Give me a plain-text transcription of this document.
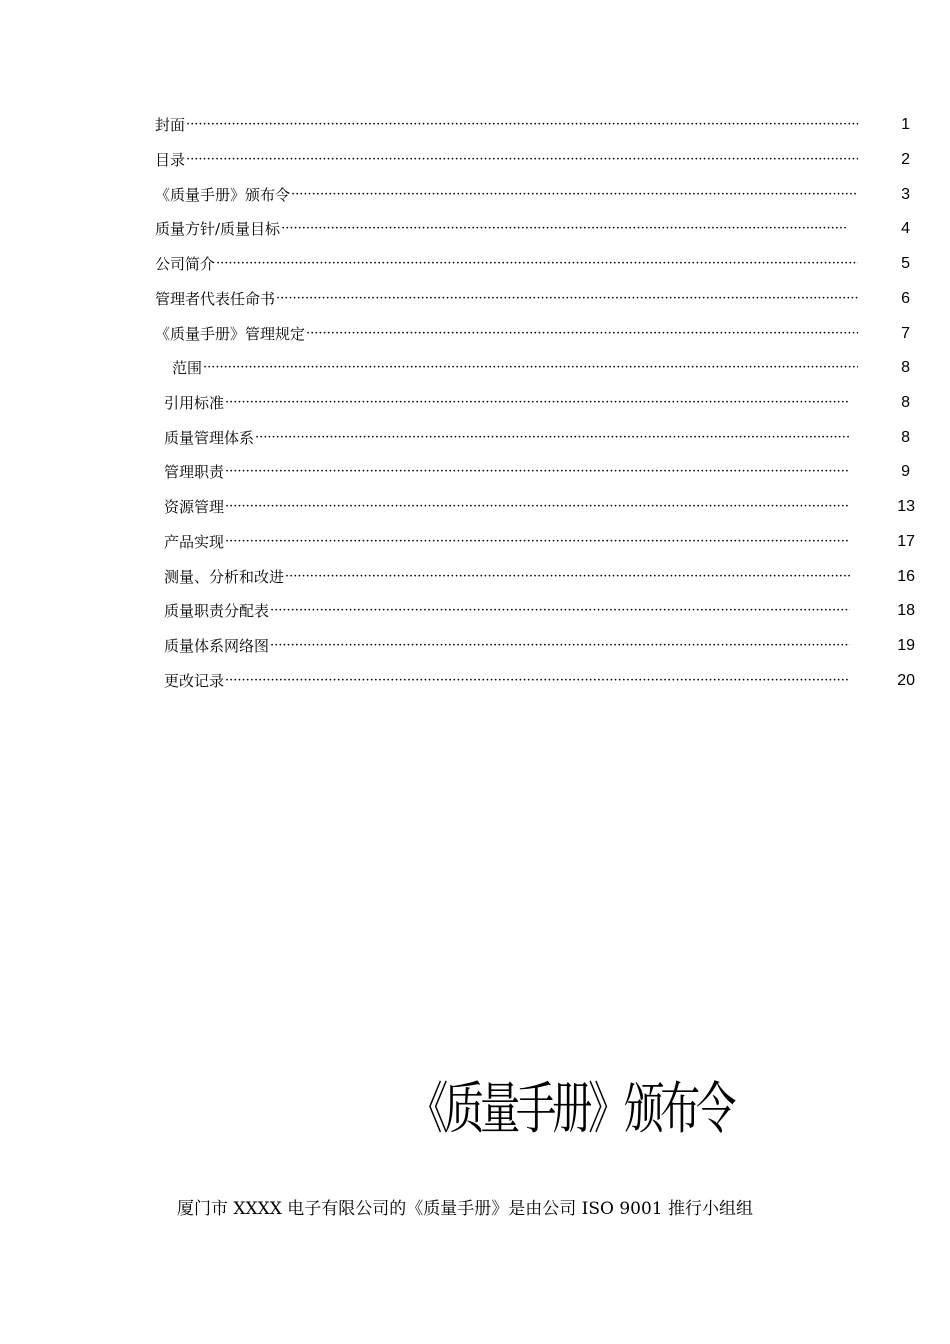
封面 ·····	1
目录 ·····	2
《质量手册》颁布令 ·····	3
质量方针/质量目标 ·····	4
公司简介 ·····	5
管理者代表任命书 ·····	6
《质量手册》管理规定 ·····	7
范围 ·····	8
引用标准 ·····	8
质量管理体系 ·····	8
管理职责 ·····	9
资源管理 ·····	13
产品实现 ·····	17
测量、分析和改进 ·····	16
质量职责分配表 ·····	18
质量体系网络图 ·····	19
更改记录 ·····	20
《质量手册》颁布令
厦门市 XXXX 电子有限公司的《质量手册》是由公司 ISO 9001 推行小组组
